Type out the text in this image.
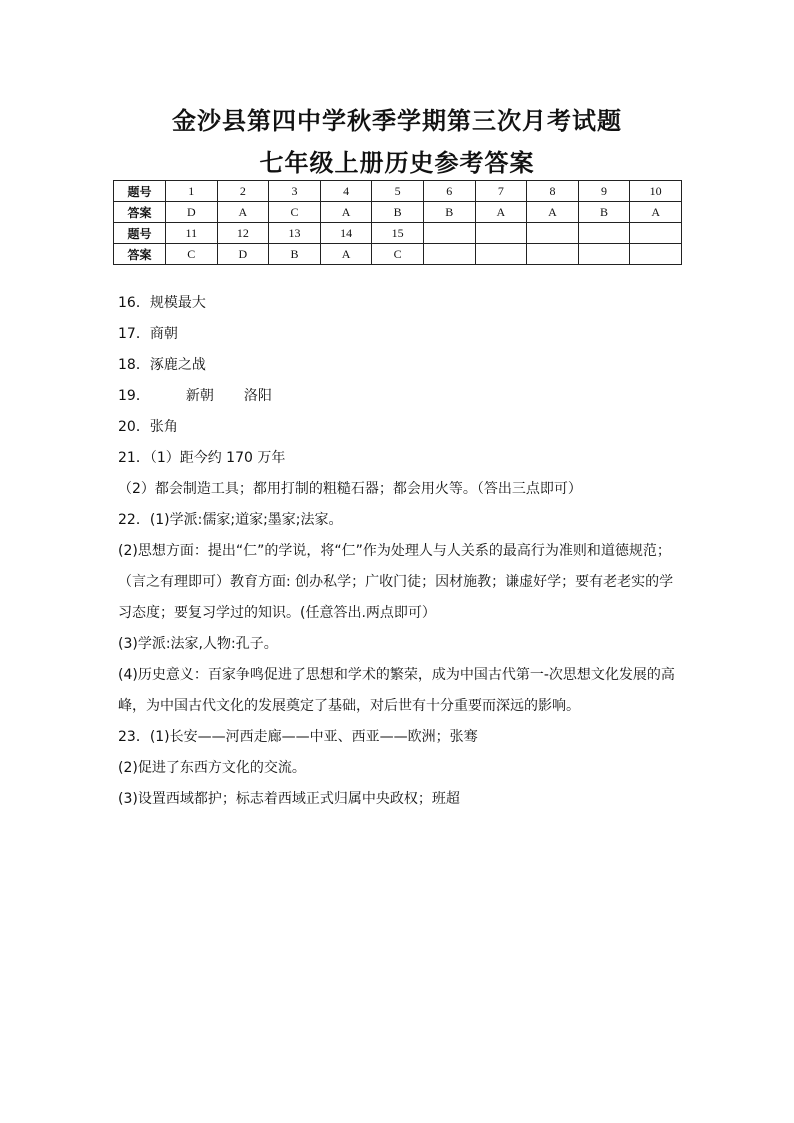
金沙县第四中学秋季学期第三次月考试题
七年级上册历史参考答案
题号	1	2	3	4	5	6	7	8	9	10
答案	D	A	C	A	B	B	A	A	B	A
题号	11	12	13	14	15					
答案	C	D	B	A	C					
16．规模最大
17．商朝
18．涿鹿之战
19．	新朝 洛阳
20．张角
21．（1）距今约 170 万年
（2）都会制造工具；都用打制的粗糙石器；都会用火等。（答出三点即可）
22．(1)学派:儒家;道家;墨家;法家。
(2)思想方面：提出“仁”的学说，将“仁”作为处理人与人关系的最高行为准则和道德规范；
（言之有理即可）教育方面: 创办私学；广收门徒；因材施教；谦虚好学；要有老老实的学
习态度；要复习学过的知识。(任意答出.两点即可）
(3)学派:法家,人物:孔子。
(4)历史意义：百家争鸣促进了思想和学术的繁荣，成为中国古代第一-次思想文化发展的高
峰，为中国古代文化的发展奠定了基础，对后世有十分重要而深远的影响。
23．(1)长安——河西走廊——中亚、西亚——欧洲；张骞
(2)促进了东西方文化的交流。
(3)设置西域都护；标志着西域正式归属中央政权；班超
